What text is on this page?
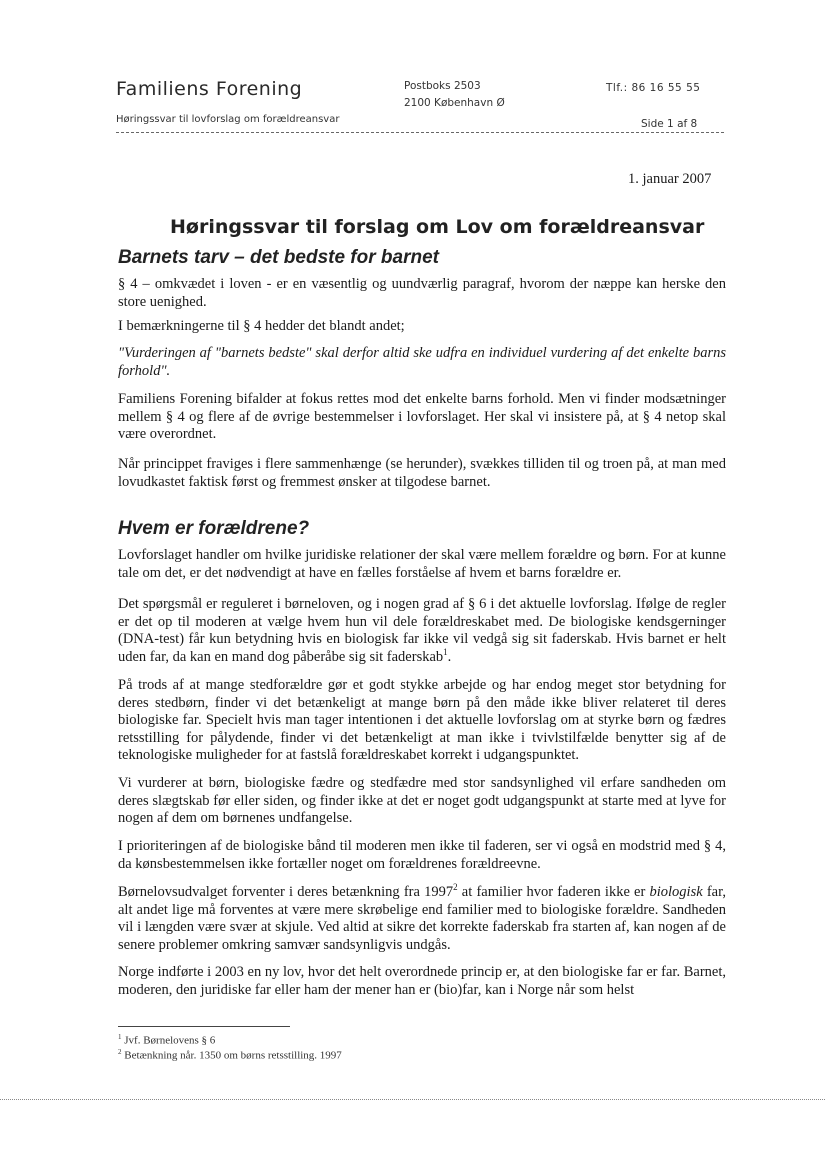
Familiens Forening
Høringssvar til lovforslag om forældreansvar
Postboks 2503
2100 København Ø
Tlf.: 86 16 55 55
Side 1 af 8
1. januar 2007
Høringssvar til forslag om Lov om forældreansvar
Barnets tarv – det bedste for barnet

§ 4 – omkvædet i loven - er en væsentlig og uundværlig paragraf, hvorom der næppe kan herske den store uenighed.

I bemærkningerne til § 4 hedder det blandt andet;

"Vurderingen af "barnets bedste" skal derfor altid ske udfra en individuel vurdering af det enkelte barns forhold".

Familiens Forening bifalder at fokus rettes mod det enkelte barns forhold. Men vi finder modsætninger mellem § 4 og flere af de øvrige bestemmelser i lovforslaget. Her skal vi insistere på, at § 4 netop skal være overordnet.

Når princippet fraviges i flere sammenhænge (se herunder), svækkes tilliden til og troen på, at man med lovudkastet faktisk først og fremmest ønsker at tilgodese barnet.

Hvem er forældrene?

Lovforslaget handler om hvilke juridiske relationer der skal være mellem forældre og børn. For at kunne tale om det, er det nødvendigt at have en fælles forståelse af hvem et barns forældre er.

Det spørgsmål er reguleret i børneloven, og i nogen grad af § 6 i det aktuelle lovforslag. Ifølge de regler er det op til moderen at vælge hvem hun vil dele forældreskabet med. De biologiske kendsgerninger (DNA-test) får kun betydning hvis en biologisk far ikke vil vedgå sig sit faderskab. Hvis barnet er helt uden far, da kan en mand dog påberåbe sig sit faderskab$^1$.

På trods af at mange stedforældre gør et godt stykke arbejde og har endog meget stor betydning for deres stedbørn, finder vi det betænkeligt at mange børn på den måde ikke bliver relateret til deres biologiske far. Specielt hvis man tager intentionen i det aktuelle lovforslag om at styrke børn og fædres retsstilling for pålydende, finder vi det betænkeligt at man ikke i tvivlstilfælde benytter sig af de teknologiske muligheder for at fastslå forældreskabet korrekt i udgangspunktet.

Vi vurderer at børn, biologiske fædre og stedfædre med stor sandsynlighed vil erfare sandheden om deres slægtskab før eller siden, og finder ikke at det er noget godt udgangspunkt at starte med at lyve for nogen af dem om børnenes undfangelse.

I prioriteringen af de biologiske bånd til moderen men ikke til faderen, ser vi også en modstrid med § 4, da kønsbestemmelsen ikke fortæller noget om forældrenes forældreevne.

Børnelovsudvalget forventer i deres betænkning fra 1997$^2$ at familier hvor faderen ikke er biologisk far, alt andet lige må forventes at være mere skrøbelige end familier med to biologiske forældre. Sandheden vil i længden være svær at skjule. Ved altid at sikre det korrekte faderskab fra starten af, kan nogen af de senere problemer omkring samvær sandsynligvis undgås.

Norge indførte i 2003 en ny lov, hvor det helt overordnede princip er, at den biologiske far er far. Barnet, moderen, den juridiske far eller ham der mener han er (bio)far, kan i Norge når som helst

$^1$ Jvf. Børnelovens § 6
$^2$ Betænkning når. 1350 om børns retsstilling. 1997
